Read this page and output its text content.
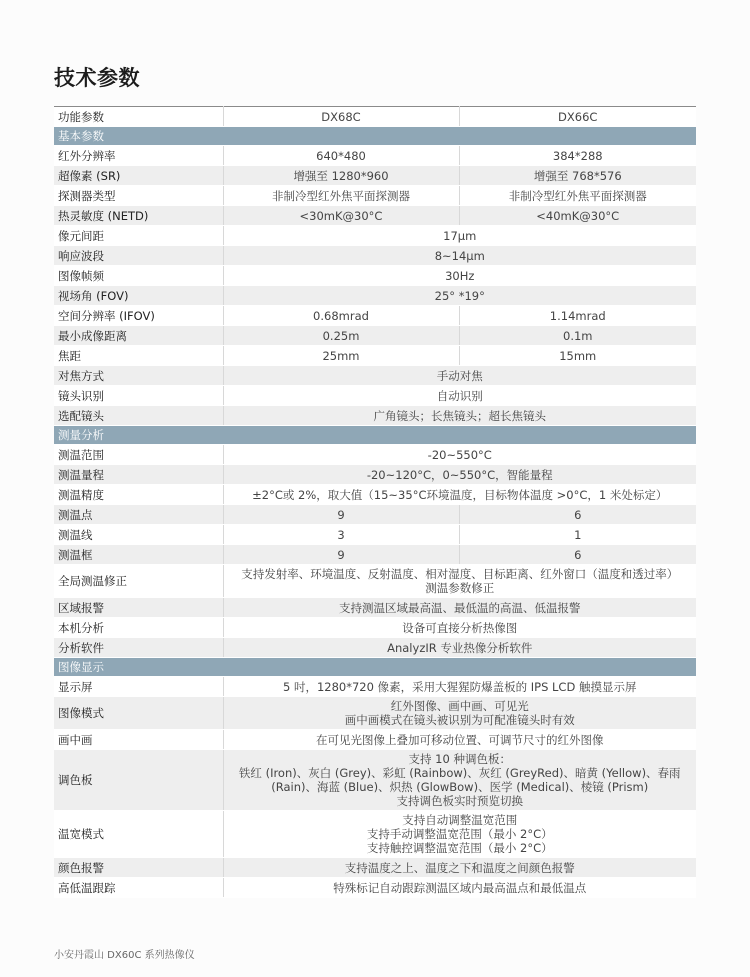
技术参数
功能参数	DX68C	DX66C
基本参数		
红外分辨率	640*480	384*288
超像素 (SR)	增强至 1280*960	增强至 768*576
探测器类型	非制冷型红外焦平面探测器	非制冷型红外焦平面探测器
热灵敏度 (NETD)	<30mK@30°C	<40mK@30°C
像元间距	17μm	

响应波段	8~14μm	

图像帧频	30Hz	

视场角 (FOV)	25° *19°	

空间分辨率 (IFOV)	0.68mrad	1.14mrad
最小成像距离	0.25m	0.1m
焦距	25mm	15mm
对焦方式	手动对焦	

镜头识别	自动识别	

选配镜头	广角镜头；长焦镜头；超长焦镜头	

测量分析		
测温范围	-20~550°C	

测温量程	-20~120°C，0~550°C，智能量程	

测温精度	±2°C或 2%，取大值（15~35°C环境温度，目标物体温度 >0°C，1 米处标定）	

测温点	9	6
测温线	3	1
测温框	9	6
全局测温修正	支持发射率、环境温度、反射温度、相对湿度、目标距离、红外窗口（温度和透过率）
测温参数修正	

区域报警	支持测温区域最高温、最低温的高温、低温报警	

本机分析	设备可直接分析热像图	

分析软件	AnalyzIR 专业热像分析软件	

图像显示		
显示屏	5 吋，1280*720 像素，采用大猩猩防爆盖板的 IPS LCD 触摸显示屏	

图像模式	红外图像、画中画、可见光
画中画模式在镜头被识别为可配准镜头时有效	

画中画	在可见光图像上叠加可移动位置、可调节尺寸的红外图像	

调色板	支持 10 种调色板：
铁红 (Iron)、灰白 (Grey)、彩虹 (Rainbow)、灰红 (GreyRed)、暗黄 (Yellow)、春雨
(Rain)、海蓝 (Blue)、炽热 (GlowBow)、医学 (Medical)、棱镜 (Prism)
支持调色板实时预览切换	

温宽模式	支持自动调整温宽范围
支持手动调整温宽范围（最小 2°C）
支持触控调整温宽范围（最小 2°C）	

颜色报警	支持温度之上、温度之下和温度之间颜色报警	

高低温跟踪	特殊标记自动跟踪测温区域内最高温点和最低温点	
小安丹霞山 DX60C 系列热像仪
